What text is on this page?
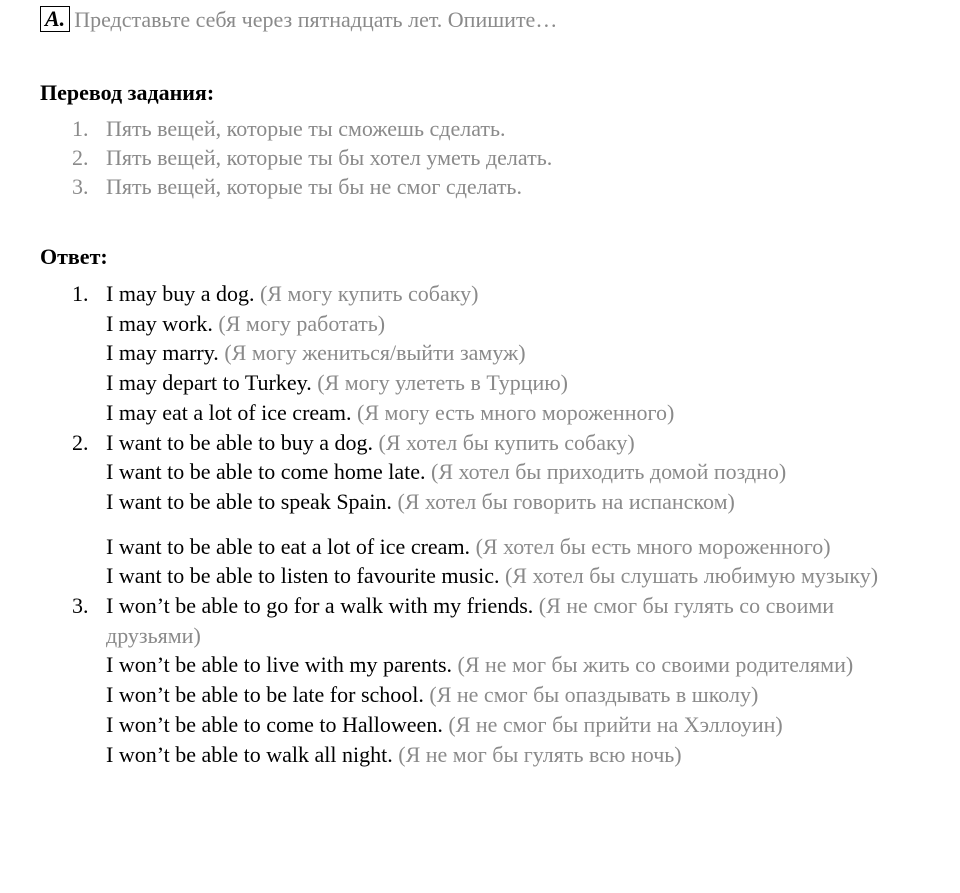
A. Представьте себя через пятнадцать лет. Опишите…
Перевод задания:
1. Пять вещей, которые ты сможешь сделать.
2. Пять вещей, которые ты бы хотел уметь делать.
3. Пять вещей, которые ты бы не смог сделать.
Ответ:
1. I may buy a dog. (Я могу купить собаку)
I may work. (Я могу работать)
I may marry. (Я могу жениться/выйти замуж)
I may depart to Turkey. (Я могу улететь в Турцию)
I may eat a lot of ice cream. (Я могу есть много мороженного)
2. I want to be able to buy a dog. (Я хотел бы купить собаку)
I want to be able to come home late. (Я хотел бы приходить домой поздно)
I want to be able to speak Spain. (Я хотел бы говорить на испанском)
I want to be able to eat a lot of ice cream. (Я хотел бы есть много мороженного)
I want to be able to listen to favourite music. (Я хотел бы слушать любимую музыку)
3. I won’t be able to go for a walk with my friends. (Я не смог бы гулять со своими друзьями)
I won’t be able to live with my parents. (Я не мог бы жить со своими родителями)
I won’t be able to be late for school. (Я не смог бы опаздывать в школу)
I won’t be able to come to Halloween. (Я не смог бы прийти на Хэллоуин)
I won’t be able to walk all night. (Я не мог бы гулять всю ночь)
